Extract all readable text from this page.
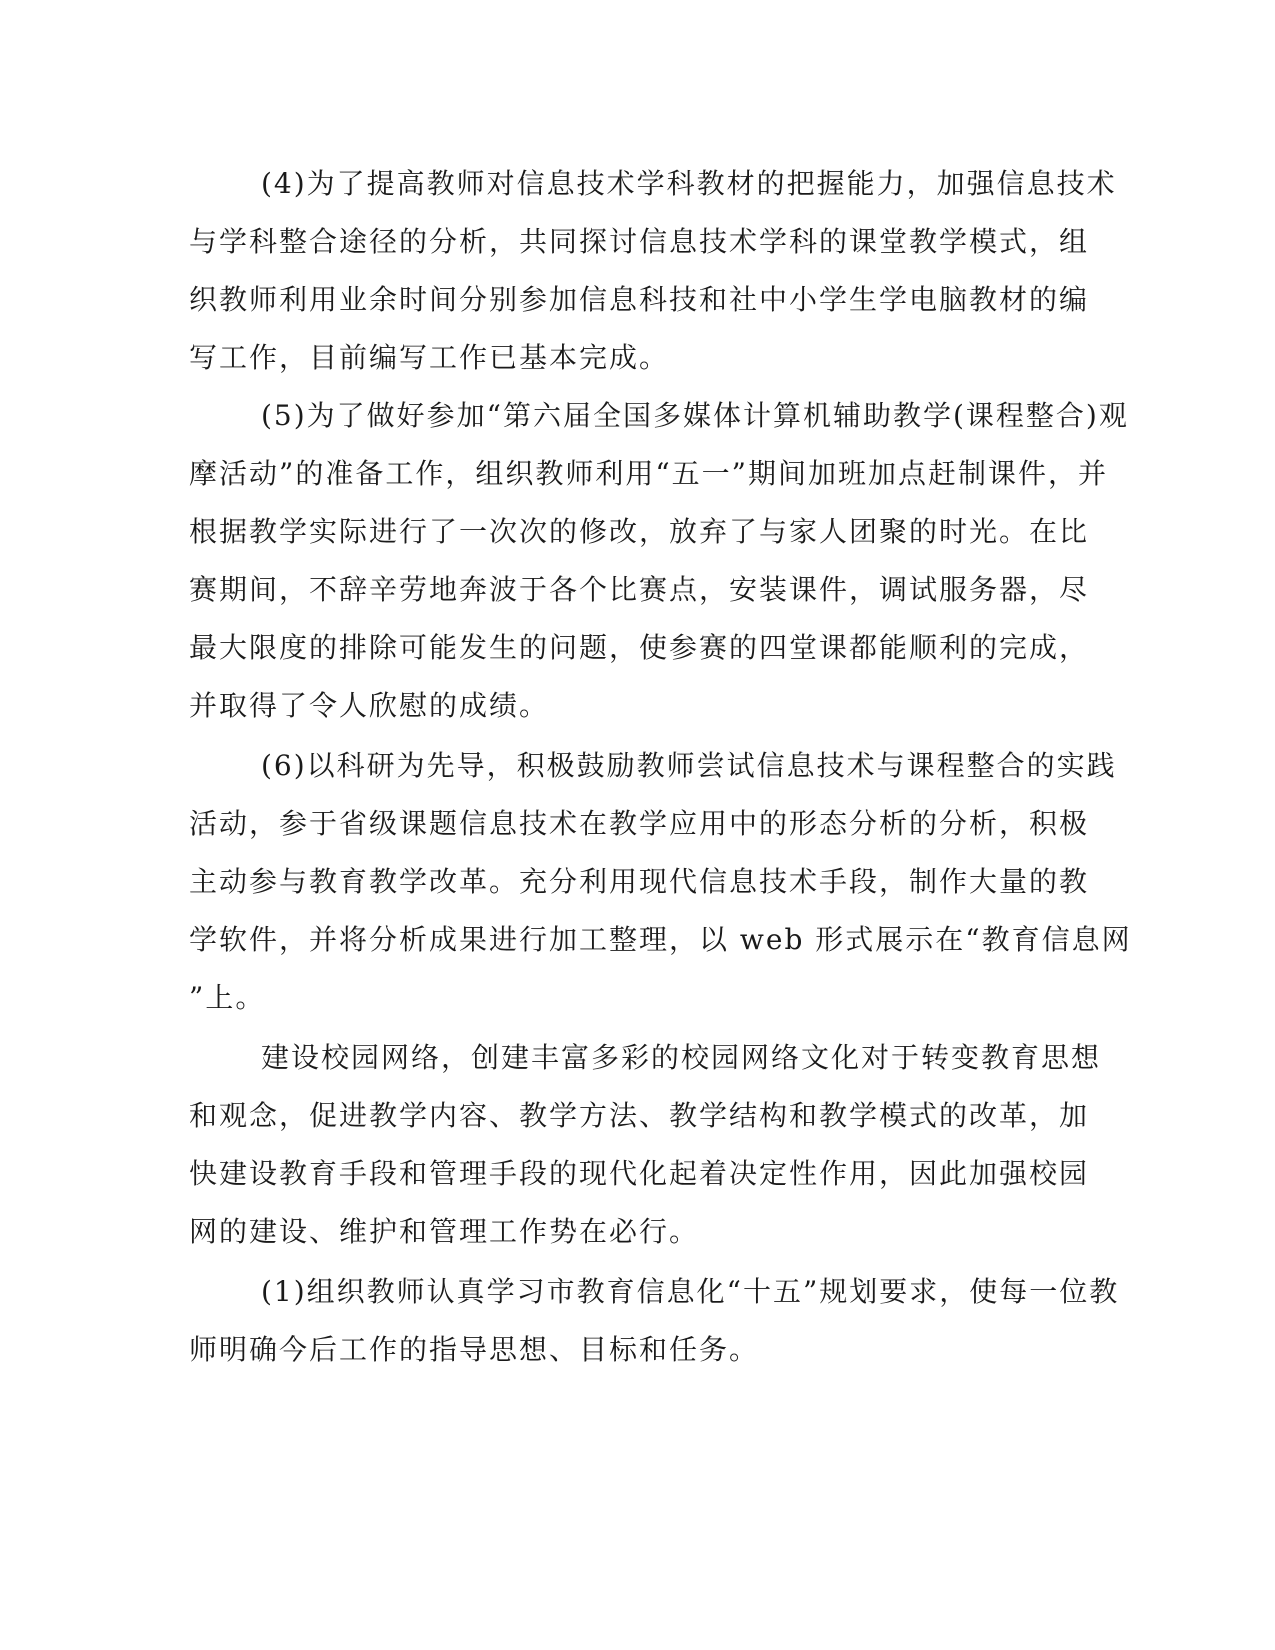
(4)为了提高教师对信息技术学科教材的把握能力，加强信息技术
与学科整合途径的分析，共同探讨信息技术学科的课堂教学模式，组
织教师利用业余时间分别参加信息科技和社中小学生学电脑教材的编
写工作，目前编写工作已基本完成。
(5)为了做好参加“第六届全国多媒体计算机辅助教学(课程整合)观
摩活动”的准备工作，组织教师利用“五一”期间加班加点赶制课件，并
根据教学实际进行了一次次的修改，放弃了与家人团聚的时光。在比
赛期间，不辞辛劳地奔波于各个比赛点，安装课件，调试服务器，尽
最大限度的排除可能发生的问题，使参赛的四堂课都能顺利的完成，
并取得了令人欣慰的成绩。
(6)以科研为先导，积极鼓励教师尝试信息技术与课程整合的实践
活动，参于省级课题信息技术在教学应用中的形态分析的分析，积极
主动参与教育教学改革。充分利用现代信息技术手段，制作大量的教
学软件，并将分析成果进行加工整理，以 web 形式展示在“教育信息网
”上。
建设校园网络，创建丰富多彩的校园网络文化对于转变教育思想
和观念，促进教学内容、教学方法、教学结构和教学模式的改革，加
快建设教育手段和管理手段的现代化起着决定性作用，因此加强校园
网的建设、维护和管理工作势在必行。
(1)组织教师认真学习市教育信息化“十五”规划要求，使每一位教
师明确今后工作的指导思想、目标和任务。
